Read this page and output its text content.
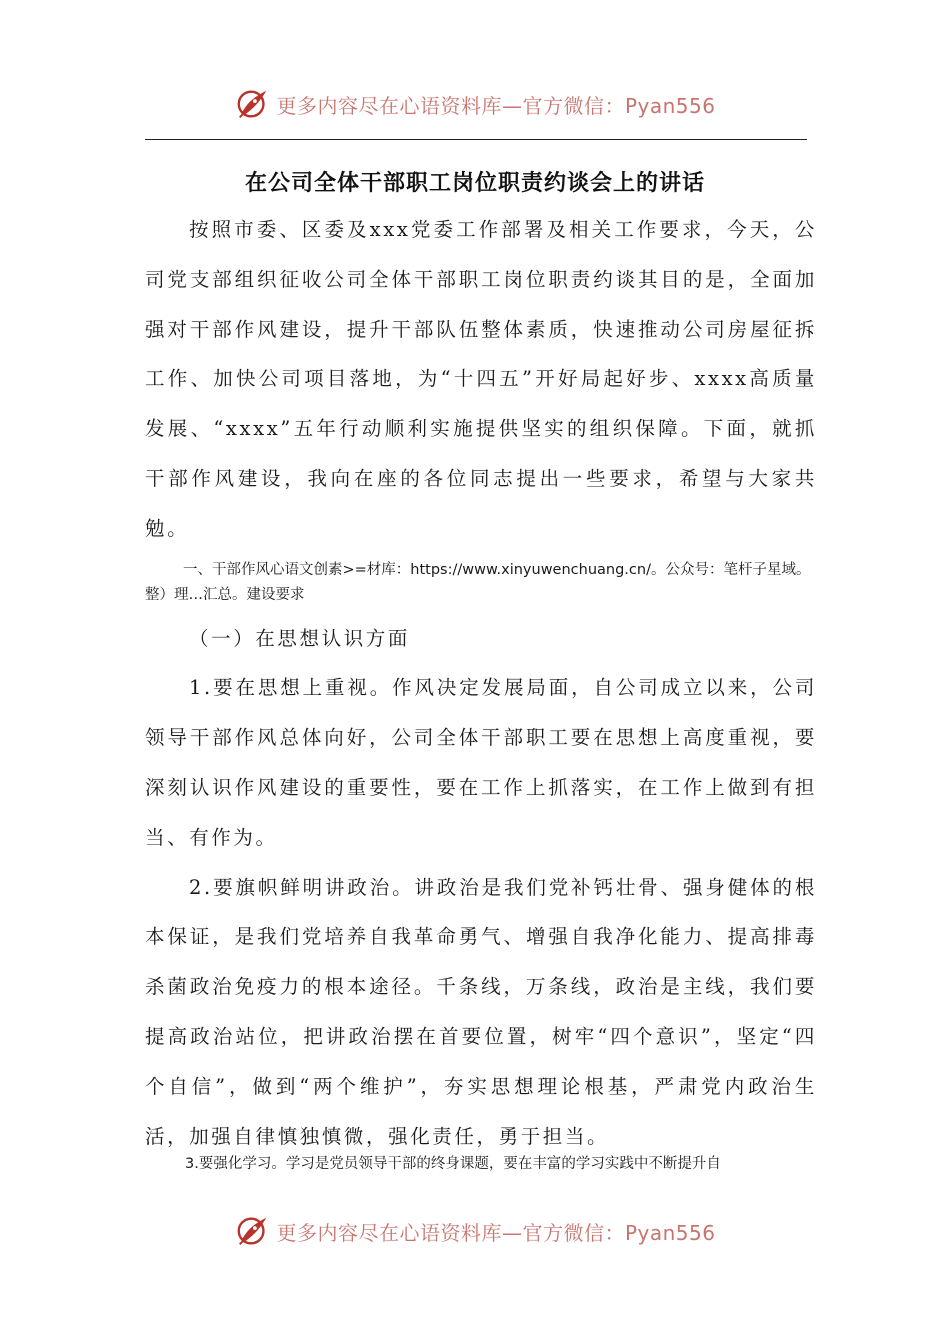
更多内容尽在心语资料库—官方微信：Pyan556
在公司全体干部职工岗位职责约谈会上的讲话

按照市委、区委及xxx党委工作部署及相关工作要求，今天，公司党支部组织征收公司全体干部职工岗位职责约谈其目的是，全面加强对干部作风建设，提升干部队伍整体素质，快速推动公司房屋征拆工作、加快公司项目落地，为“十四五”开好局起好步、xxxx高质量发展、“xxxx”五年行动顺利实施提供坚实的组织保障。下面，就抓干部作风建设，我向在座的各位同志提出一些要求，希望与大家共勉。

一、干部作风心语文创素>=材库：https://www.xinyuwenchuang.cn/。公众号：笔杆子星域。整）理…汇总。建设要求

（一）在思想认识方面

1.要在思想上重视。作风决定发展局面，自公司成立以来，公司领导干部作风总体向好，公司全体干部职工要在思想上高度重视，要深刻认识作风建设的重要性，要在工作上抓落实，在工作上做到有担当、有作为。

2.要旗帜鲜明讲政治。讲政治是我们党补钙壮骨、强身健体的根本保证，是我们党培养自我革命勇气、增强自我净化能力、提高排毒杀菌政治免疫力的根本途径。千条线，万条线，政治是主线，我们要提高政治站位，把讲政治摆在首要位置，树牢“四个意识”，坚定“四个自信”，做到“两个维护”，夯实思想理论根基，严肃党内政治生活，加强自律慎独慎微，强化责任，勇于担当。

3.要强化学习。学习是党员领导干部的终身课题，要在丰富的学习实践中不断提升自

更多内容尽在心语资料库—官方微信：Pyan556
